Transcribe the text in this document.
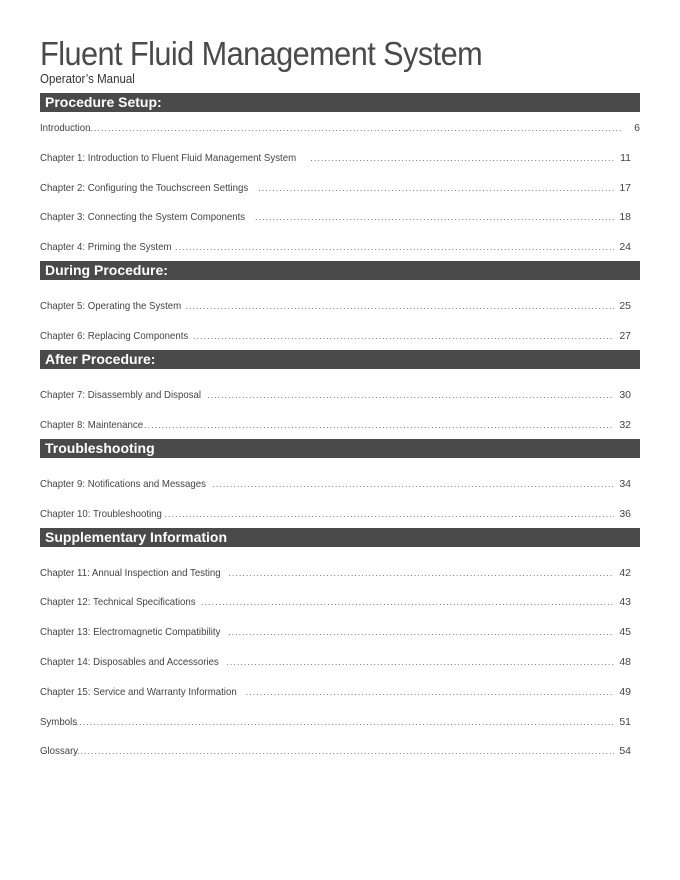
Fluent Fluid Management System

Operator’s Manual

Procedure Setup:
Introduction .....	6
Chapter 1: Introduction to Fluent Fluid Management System .....	11
Chapter 2: Configuring the Touchscreen Settings .....	17
Chapter 3: Connecting the System Components .....	18
Chapter 4: Priming the System .....	24
During Procedure:
Chapter 5: Operating the System .....	25
Chapter 6: Replacing Components .....	27
After Procedure:
Chapter 7: Disassembly and Disposal .....	30
Chapter 8: Maintenance .....	32
Troubleshooting
Chapter 9: Notifications and Messages .....	34
Chapter 10: Troubleshooting .....	36
Supplementary Information
Chapter 11: Annual Inspection and Testing .....	42
Chapter 12: Technical Specifications .....	43
Chapter 13: Electromagnetic Compatibility .....	45
Chapter 14: Disposables and Accessories .....	48
Chapter 15: Service and Warranty Information .....	49
Symbols .....	51
Glossary .....	54
